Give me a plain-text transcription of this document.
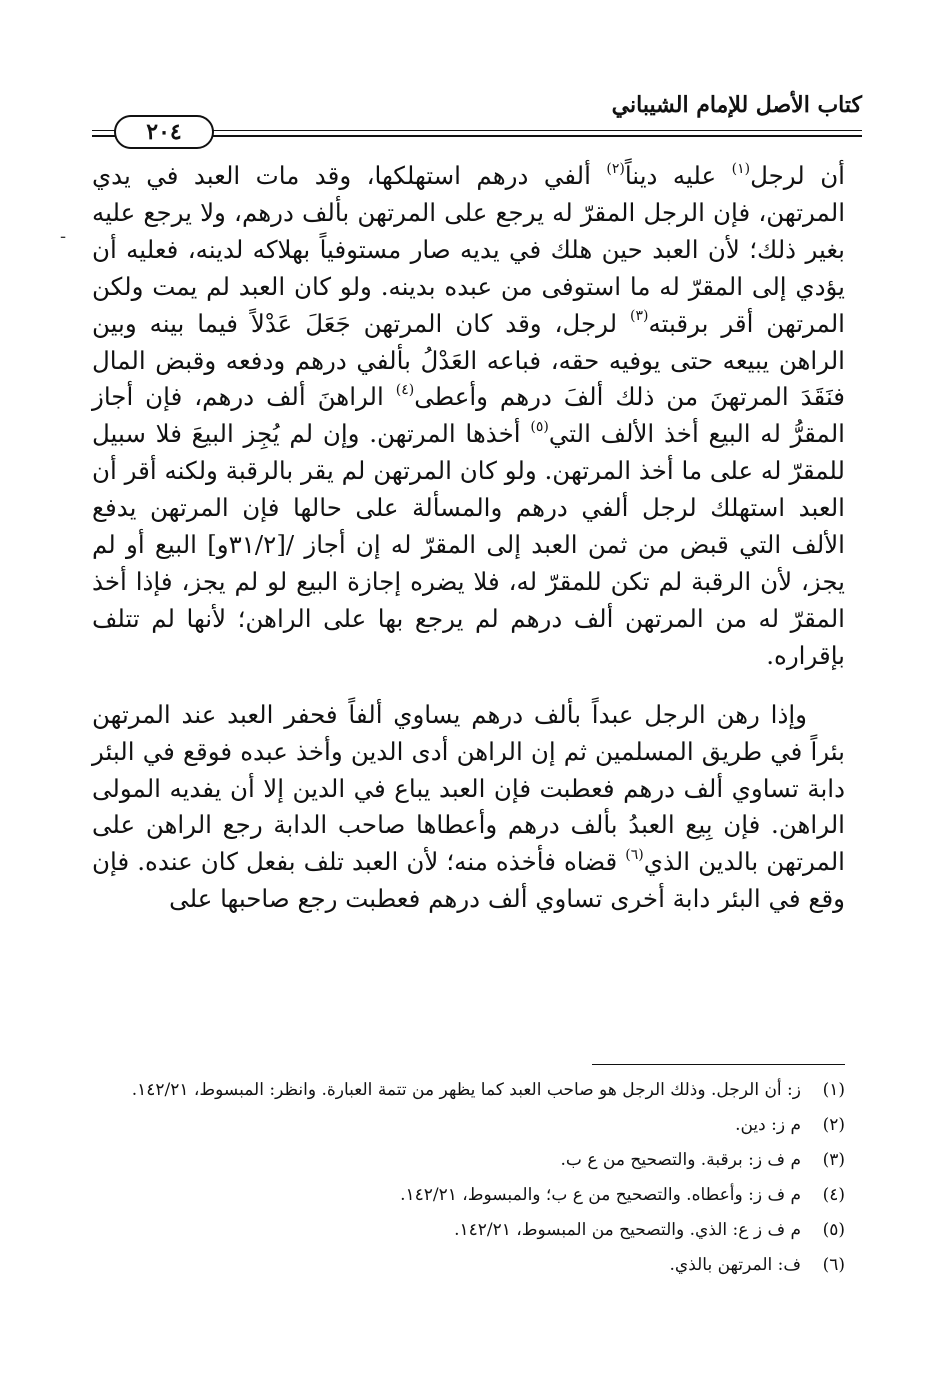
كتاب الأصل للإمام الشيباني
٢٠٤
-

أن لرجل$^{(١)}$ عليه ديناً$^{(٢)}$ ألفي درهم استهلكها، وقد مات العبد في يدي المرتهن، فإن الرجل المقرّ له يرجع على المرتهن بألف درهم، ولا يرجع عليه بغير ذلك؛ لأن العبد حين هلك في يديه صار مستوفياً بهلاكه لدينه، فعليه أن يؤدي إلى المقرّ له ما استوفى من عبده بدينه. ولو كان العبد لم يمت ولكن المرتهن أقر برقبته$^{(٣)}$ لرجل، وقد كان المرتهن جَعَلَ عَدْلاً فيما بينه وبين الراهن يبيعه حتى يوفيه حقه، فباعه العَدْلُ بألفي درهم ودفعه وقبض المال فنَقَدَ المرتهنَ من ذلك ألفَ درهم وأعطى$^{(٤)}$ الراهنَ ألف درهم، فإن أجاز المقرُّ له البيع أخذ الألف التي$^{(٥)}$ أخذها المرتهن. وإن لم يُجِز البيعَ فلا سبيل للمقرّ له على ما أخذ المرتهن. ولو كان المرتهن لم يقر بالرقبة ولكنه أقر أن العبد استهلك لرجل ألفي درهم والمسألة على حالها فإن المرتهن يدفع الألف التي قبض من ثمن العبد إلى المقرّ له إن أجاز /[٣١/٢و] البيع أو لم يجز، لأن الرقبة لم تكن للمقرّ له، فلا يضره إجازة البيع لو لم يجز، فإذا أخذ المقرّ له من المرتهن ألف درهم لم يرجع بها على الراهن؛ لأنها لم تتلف بإقراره.

وإذا رهن الرجل عبداً بألف درهم يساوي ألفاً فحفر العبد عند المرتهن بئراً في طريق المسلمين ثم إن الراهن أدى الدين وأخذ عبده فوقع في البئر دابة تساوي ألف درهم فعطبت فإن العبد يباع في الدين إلا أن يفديه المولى الراهن. فإن بِيع العبدُ بألف درهم وأعطاها صاحب الدابة رجع الراهن على المرتهن بالدين الذي$^{(٦)}$ قضاه فأخذه منه؛ لأن العبد تلف بفعل كان عنده. فإن وقع في البئر دابة أخرى تساوي ألف درهم فعطبت رجع صاحبها على

(١)
ز: أن الرجل. وذلك الرجل هو صاحب العبد كما يظهر من تتمة العبارة. وانظر: المبسوط، ١٤٢/٢١.
(٢)
م ز: دين.
(٣)
م ف ز: برقبة. والتصحيح من ع ب.
(٤)
م ف ز: وأعطاه. والتصحيح من ع ب؛ والمبسوط، ١٤٢/٢١.
(٥)
م ف ز ع: الذي. والتصحيح من المبسوط، ١٤٢/٢١.
(٦)
ف: المرتهن بالذي.
